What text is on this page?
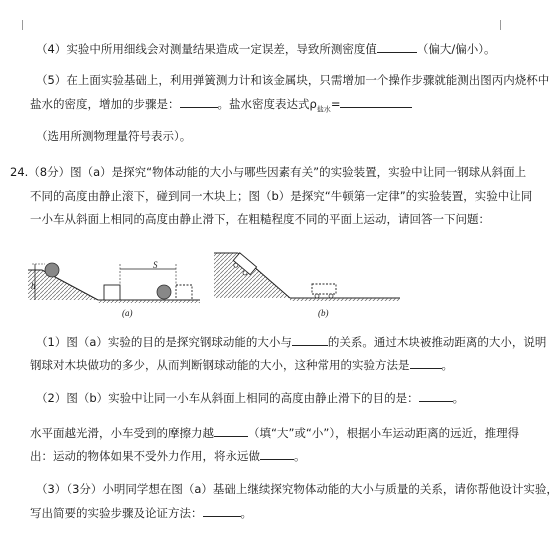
（4）实验中所用细线会对测量结果造成一定误差，导致所测密度值	（偏大/偏小）。
（5）在上面实验基础上，利用弹簧测力计和该金属块，只需增加一个操作步骤就能测出图丙内烧杯中
盐水的密度，增加的步骤是：	。盐水密度表达式$\rho_{盐水}=$
（选用所测物理量符号表示）。
24.（8分）图（a）是探究“物体动能的大小与哪些因素有关”的实验装置，实验中让同一钢球从斜面上
不同的高度由静止滚下，碰到同一木块上；图（b）是探究“牛顿第一定律”的实验装置，实验中让同
一小车从斜面上相同的高度由静止滑下，在粗糙程度不同的平面上运动，请回答一下问题：
h
S
(a)	(b)
（1）图（a）实验的目的是探究钢球动能的大小与	的关系。通过木块被推动距离的大小，说明
钢球对木块做功的多少，从而判断钢球动能的大小，这种常用的实验方法是	。
（2）图（b）实验中让同一小车从斜面上相同的高度由静止滑下的目的是：	。
水平面越光滑，小车受到的摩擦力越	（填“大”或“小”），根据小车运动距离的远近，推理得
出：运动的物体如果不受外力作用，将永远做	。
（3）（3分）小明同学想在图（a）基础上继续探究物体动能的大小与质量的关系，请你帮他设计实验，
写出简要的实验步骤及论证方法：	。
